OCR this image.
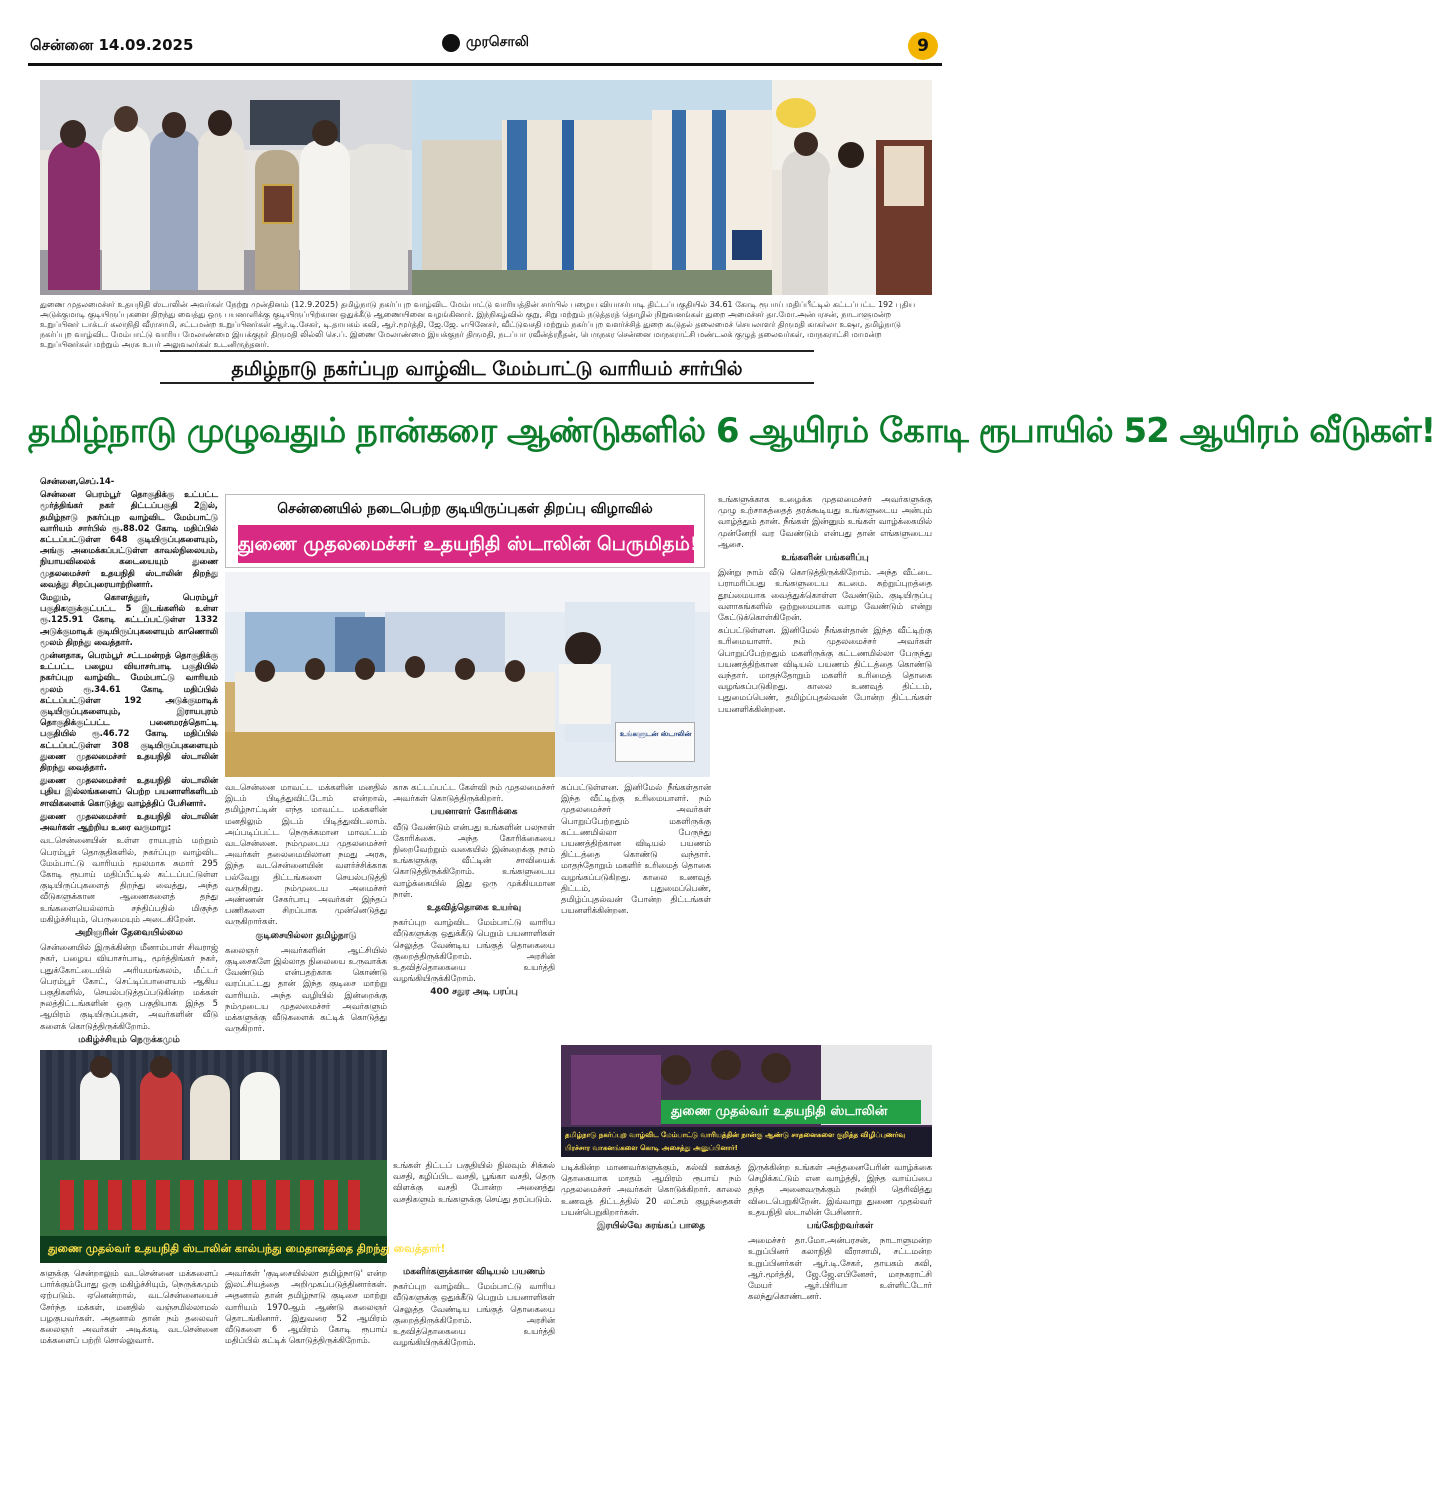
சென்னை 14.09.2025	முரசொலி	9
துணை முதலமைச்சர் உதயநிதி ஸ்டாலின் அவர்கள் நேற்று முன்தினம் (12.9.2025) தமிழ்நாடு நகர்ப்புற வாழ்விட மேம்பாட்டு வாரியத்தின் சார்பில் பழைய வியாசர்பாடி திட்டப்பகுதியில் 34.61 கோடி ரூபாய் மதிப்பீட்டில் கட்டப்பட்ட 192 புதிய அடுக்குமாடி குடியிருப்புகளை திறந்து வைத்து ஒரு பயனாளிக்கு குடியிருப்பிற்கான ஒதுக்கீடு ஆணையினை வழங்கினார். இந்நிகழ்வில் குறு, சிறு மற்றும் நடுத்தரத் தொழில் நிறுவனங்கள் துறை அமைச்சர் தா.மோ.அன்பரசன், நாடாளுமன்ற உறுப்பினர் டாக்டர் கலாநிதி வீராசாமி, சட்டமன்ற உறுப்பினர்கள் ஆர்.டி.சேகர், டி.தாயகம் கவி, ஆர்.மூர்த்தி, ஜே.ஜே. எபினேசர், வீட்டுவசதி மற்றும் நகர்ப்புற வளர்ச்சித் துறை கூடுதல் தலைமைச் செயலாளர் திருமதி காகர்லா உஷா, தமிழ்நாடு நகர்ப்புற வாழ்விட மேம்பாட்டு வாரிய மேலாண்மை இயக்குநர் திருமதி லில்லி செ.ப். இணை மேலாண்மை இயக்குநர் திருமதி, நடப்பா ரவீன்த்ரநீதன், பெருநகர சென்னை மாநகராட்சி மண்டலக் குழுத் தலைவர்கள், மாநகராட்சி மாமன்ற உறுப்பினர்கள் மற்றும் அரசு உயர் அலுவலர்கள் உடனிருந்தனர்.
தமிழ்நாடு நகர்ப்புற வாழ்விட மேம்பாட்டு வாரியம் சார்பில்
தமிழ்நாடு முழுவதும் நான்கரை ஆண்டுகளில் 6 ஆயிரம் கோடி ரூபாயில் 52 ஆயிரம் வீடுகள்!

சென்னை,செப்.14-

சென்னை பெரம்பூர் தொகுதிக்கு உட்பட்ட மூர்த்திங்கர் நகர் திட்டப்பகுதி 2இல், தமிழ்நாடு நகர்ப்புற வாழ்விட மேம்பாட்டு வாரியம் சார்பில் ரூ.88.02 கோடி மதிப்பில் கட்டப்பட்டுள்ள 648 குடியிருப்புகளையும், அங்கு அமைக்கப்பட்டுள்ள காவல்நிலையம், நியாயவிலைக் கடையையும் துணை முதலமைச்சர் உதயநிதி ஸ்டாலின் திறந்து வைத்து சிறப்புரையாற்றினார்.

மேலும், கொளத்தூர், பெரம்பூர் பகுதிகளுக்குட்பட்ட 5 இடங்களில் உள்ள ரூ.125.91 கோடி கட்டப்பட்டுள்ள 1332 அடுக்குமாடிக் குடியிருப்புகளையும் காணொலி மூலம் திறந்து வைத்தார்.

முன்னதாக, பெரம்பூர் சட்டமன்றத் தொகுதிக்கு உட்பட்ட பழைய வியாசர்பாடி பகுதியில் நகர்ப்புற வாழ்விட மேம்பாட்டு வாரியம் மூலம் ரூ.34.61 கோடி மதிப்பில் கட்டப்பட்டுள்ள 192 அடுக்குமாடிக் குடியிருப்புகளையும், இராயபுரம் தொகுதிக்குட்பட்ட பனைமரத்தொட்டி பகுதியில் ரூ.46.72 கோடி மதிப்பில் கட்டப்பட்டுள்ள 308 குடியிருப்புகளையும் துணை முதலமைச்சர் உதயநிதி ஸ்டாலின் திறந்து வைத்தார்.

துணை முதலமைச்சர் உதயநிதி ஸ்டாலின் புதிய இல்லங்களைப் பெற்ற பயனாளிகளிடம் சாவிகளைக் கொடுத்து வாழ்த்திப் பேசினார்.

துணை முதலமைச்சர் உதயநிதி ஸ்டாலின் அவர்கள் ஆற்றிய உரை வருமாறு:

வடசென்னையின் உள்ள ராயபுரம் மற்றும் பெரம்பூர் தொகுதிகளில், நகர்ப்புற வாழ்விட மேம்பாட்டு வாரியம் மூலமாக சுமார் 295 கோடி ரூபாய் மதிப்பீட்டில் கட்டப்பட்டுள்ள குடியிருப்புகளைத் திறந்து வைத்து, அந்த வீடுகளுக்கான ஆணைகளைத் தந்து உங்களையெல்லாம் சந்திப்பதில் மிகுந்த மகிழ்ச்சியும், பெருமையும் அடைகிறேன்.

அறிஞரின் தேவையில்லை

சென்னையில் இருக்கின்ற மீனாம்பாள் சிவராஜ் நகர், பழைய வியாசர்பாடி, மூர்த்திங்கர் நகர், புதுக்கோட்டையில் அரியமங்கலம், மீட்டர் பெரம்பூர் கோட், செட்டிப்பாளையம் ஆகிய பகுதிகளில், செயல்படுத்தப்படுகின்ற மக்கள் நலத்திட்டங்களின் ஒரு பகுதியாக இந்த 5 ஆயிரம் குடியிருப்புகள், அவர்களின் வீடு களைக் கொடுத்திருக்கிறோம்.

மகிழ்ச்சியும் நெருக்கமும்

சென்னையில் நடைபெற்ற குடியிருப்புகள் திறப்பு விழாவில்
துணை முதலமைச்சர் உதயநிதி ஸ்டாலின் பெருமிதம்!
உங்களுடன் ஸ்டாலின்

உங்களுக்காக உழைக்க முதலமைச்சர் அவர்களுக்கு முழு உற்சாகத்தைத் தரக்கூடியது உங்களுடைய அன்பும் வாழ்த்தும் தான். நீங்கள் இன்னும் உங்கள் வாழ்க்கையில் முன்னேறி வர வேண்டும் என்பது தான் எங்களுடைய ஆசை.

உங்களின் பங்களிப்பு

இன்று நாம் வீடு கொடுத்திருக்கிறோம். அந்த வீட்டை பராமரிப்பது உங்களுடைய கடமை. சுற்றுப்புறத்தை தூய்மையாக வைத்துக்கொள்ள வேண்டும். குடியிருப்பு வளாகங்களில் ஒற்றுமையாக வாழ வேண்டும் என்று கேட்டுக்கொள்கிறேன்.

கப்பட்டுள்ளன. இனிமேல் நீங்கள்தான் இந்த வீட்டிற்கு உரிமையாளர். நம் முதலமைச்சர் அவர்கள் பொறுப்பேற்றதும் மகளிருக்கு கட்டணமில்லா பேருந்து பயணத்திற்கான விடியல் பயணம் திட்டத்தை கொண்டு வந்தார். மாதந்தோறும் மகளிர் உரிமைத் தொகை வழங்கப்படுகிறது. காலை உணவுத் திட்டம், புதுமைப்பெண், தமிழ்ப்புதல்வன் போன்ற திட்டங்கள் பயனளிக்கின்றன.

வடசென்னை மாவட்ட மக்களின் மனதில் இடம் பிடித்துவிட்டோம் என்றால், தமிழ்நாட்டின் எந்த மாவட்ட மக்களின் மனதிலும் இடம் பிடித்துவிடலாம். அப்படிப்பட்ட நெருக்கமான மாவட்டம் வடசென்னை. நம்முடைய முதலமைச்சர் அவர்கள் தலைமையிலான நமது அரசு, இந்த வடசென்னையின் வளர்ச்சிக்காக பல்வேறு திட்டங்களை செயல்படுத்தி வருகிறது. நம்முடைய அமைச்சர் அண்ணன் சேகர்பாபு அவர்கள் இந்தப் பணிகளை சிறப்பாக முன்னெடுத்து வருகிறார்கள்.

குடிசையில்லா தமிழ்நாடு

கலைஞர் அவர்களின் ஆட்சியில் குடிசைகளே இல்லாத நிலையை உருவாக்க வேண்டும் என்பதற்காக கொண்டு வரப்பட்டது தான் இந்த குடிசை மாற்று வாரியம். அந்த வழியில் இன்றைக்கு நம்முடைய முதலமைச்சர் அவர்களும் மக்களுக்கு வீடுகளைக் கட்டிக் கொடுத்து வருகிறார்.

காசு கட்டப்பட்ட கேள்வி நம் முதலமைச்சர் அவர்கள் கொடுத்திருக்கிறார்.

பயனாளர் கோரிக்கை

வீடு வேண்டும் என்பது உங்களின் பலநாள் கோரிக்கை. அந்த கோரிக்கையை நிறைவேற்றும் வகையில் இன்றைக்கு நாம் உங்களுக்கு வீட்டின் சாவியைக் கொடுத்திருக்கிறோம். உங்களுடைய வாழ்க்கையில் இது ஒரு முக்கியமான நாள்.

உதவித்தொகை உயர்வு

நகர்ப்புற வாழ்விட மேம்பாட்டு வாரிய வீடுகளுக்கு ஒதுக்கீடு பெறும் பயனாளிகள் செலுத்த வேண்டிய பங்குத் தொகையை குறைத்திருக்கிறோம். அரசின் உதவித்தொகையை உயர்த்தி வழங்கியிருக்கிறோம்.

400 சதுர அடி பரப்பு

கப்பட்டுள்ளன. இனிமேல் நீங்கள்தான் இந்த வீட்டிற்கு உரிமையாளர். நம் முதலமைச்சர் அவர்கள் பொறுப்பேற்றதும் மகளிருக்கு கட்டணமில்லா பேருந்து பயணத்திற்கான விடியல் பயணம் திட்டத்தை கொண்டு வந்தார். மாதந்தோறும் மகளிர் உரிமைத் தொகை வழங்கப்படுகிறது. காலை உணவுத் திட்டம், புதுமைப்பெண், தமிழ்ப்புதல்வன் போன்ற திட்டங்கள் பயனளிக்கின்றன.

துணை முதல்வர் உதயநிதி ஸ்டாலின் கால்பந்து மைதானத்தை திறந்து வைத்தார்!
துணை முதல்வர் உதயநிதி ஸ்டாலின்
தமிழ்நாடு நகர்ப்புற வாழ்விட மேம்பாட்டு வாரியத்தின் நான்கு ஆண்டு சாதனைகளை குறித்த விழிப்புணர்வு பிரச்சார வாகனங்களை கொடி அசைத்து அனுப்பினார்!

உங்கள் திட்டப் பகுதியில் நிலவும் சிக்கல் வசதி, கழிப்பிட வசதி, பூங்கா வசதி, தெரு விளக்கு வசதி போன்ற அனைத்து வசதிகளும் உங்களுக்கு செய்து தரப்படும்.

படிக்கின்ற மாணவர்களுக்கும், கல்வி ஊக்கத் தொகையாக மாதம் ஆயிரம் ரூபாய் நம் முதலமைச்சர் அவர்கள் கொடுக்கிறார். காலை உணவுத் திட்டத்தில் 20 லட்சம் குழந்தைகள் பயன்பெறுகிறார்கள்.

இரயில்வே சுரங்கப் பாதை

இருக்கின்ற உங்கள் அத்தனைபேரின் வாழ்க்கை செழிக்கட்டும் என வாழ்த்தி, இந்த வாய்ப்பை தந்த அனைவருக்கும் நன்றி தெரிவித்து விடைபெறுகிறேன். இவ்வாறு துணை முதல்வர் உதயநிதி ஸ்டாலின் பேசினார்.

பங்கேற்றவர்கள்

அமைச்சர் தா.மோ.அன்பரசன், நாடாளுமன்ற உறுப்பினர் கலாநிதி வீராசாமி, சட்டமன்ற உறுப்பினர்கள் ஆர்.டி.சேகர், தாயகம் கவி, ஆர்.மூர்த்தி, ஜே.ஜே.எபினேசர், மாநகராட்சி மேயர் ஆர்.பிரியா உள்ளிட்டோர் கலந்துகொண்டனர்.

களுக்கு சென்றாலும் வடசென்னை மக்களைப் பார்க்கும்போது ஒரு மகிழ்ச்சியும், நெருக்கமும் ஏற்படும். ஏனென்றால், வடசென்னையைச் சேர்ந்த மக்கள், மனதில் வஞ்சமில்லாமல் பழகுபவர்கள். அதனால் தான் நம் தலைவர் கலைஞர் அவர்கள் அடிக்கடி வடசென்னை மக்களைப் பற்றி சொல்லுவார்.

அவர்கள் 'குடிசையில்லா தமிழ்நாடு' என்ற இலட்சியத்தை அறிமுகப்படுத்தினார்கள். அதனால் தான் தமிழ்நாடு குடிசை மாற்று வாரியம் 1970ஆம் ஆண்டு கலைஞர் தொடங்கினார். இதுவரை 52 ஆயிரம் வீடுகளை 6 ஆயிரம் கோடி ரூபாய் மதிப்பில் கட்டிக் கொடுத்திருக்கிறோம்.

மகளிர்களுக்கான விடியல் பயணம்

நகர்ப்புற வாழ்விட மேம்பாட்டு வாரிய வீடுகளுக்கு ஒதுக்கீடு பெறும் பயனாளிகள் செலுத்த வேண்டிய பங்குத் தொகையை குறைத்திருக்கிறோம். அரசின் உதவித்தொகையை உயர்த்தி வழங்கியிருக்கிறோம்.
